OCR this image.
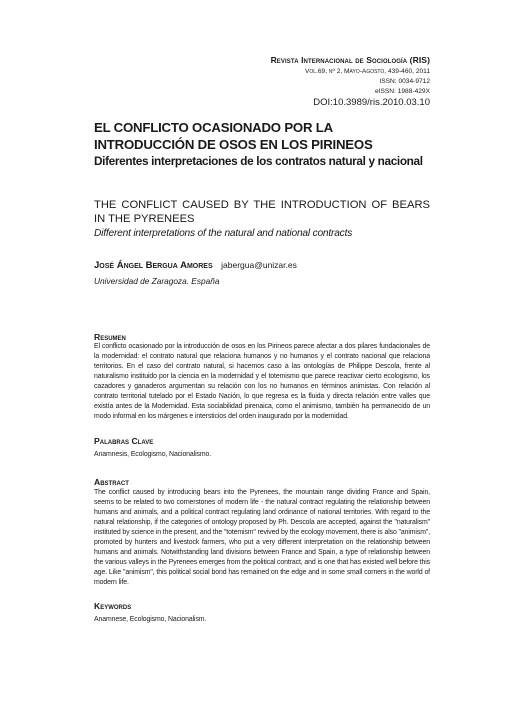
Revista Internacional de Sociología (RIS)
Vol.69, nº 2, Mayo-Agosto, 439-460, 2011
ISSN: 0034-9712
eISSN: 1988-429X
DOI:10.3989/ris.2010.03.10
EL CONFLICTO OCASIONADO POR LA INTRODUCCIÓN DE OSOS EN LOS PIRINEOS
Diferentes interpretaciones de los contratos natural y nacional
THE CONFLICT CAUSED BY THE INTRODUCTION OF BEARS IN THE PYRENEES
Different interpretations of the natural and national contracts
José Ángel Bergua Amores jabergua@unizar.es
Universidad de Zaragoza. España
Resumen
El conflicto ocasionado por la introducción de osos en los Pirineos parece afectar a dos pilares fundacionales de la modernidad: el contrato natural que relaciona humanos y no humanos y el contrato nacional que relaciona territorios. En el caso del contrato natural, si hacemos caso a las ontologías de Philippe Descola, frente al naturalismo instituido por la ciencia en la modernidad y el totemismo que parece reactivar cierto ecologismo, los cazadores y ganaderos argumentan su relación con los no humanos en términos animistas. Con relación al contrato territorial tutelado por el Estado Nación, lo que regresa es la fluida y directa relación entre valles que existía antes de la Modernidad. Esta sociabilidad pirenaica, como el animismo, también ha permanecido de un modo informal en los márgenes e intersticios del orden inaugurado por la modernidad.
Palabras Clave
Anamnesis, Ecologismo, Nacionalismo.
Abstract
The conflict caused by introducing bears into the Pyrenees, the mountain range dividing France and Spain, seems to be related to two cornerstones of modern life - the natural contract regulating the relationship between humans and animals, and a political contract regulating land ordinance of national territories. With regard to the natural relationship, if the categories of ontology proposed by Ph. Descola are accepted, against the "naturalism" instituted by science in the present, and the "totemism" revived by the ecology movement, there is also "animism", promoted by hunters and livestock farmers, who put a very different interpretation on the relationship between humans and animals. Notwithstanding land divisions between France and Spain, a type of relationship between the various valleys in the Pyrenees emerges from the political contract, and is one that has existed well before this age. Like "animism", this political social bond has remained on the edge and in some small corners in the world of modern life.
Keywords
Anamnese, Ecologismo, Nacionalism.
